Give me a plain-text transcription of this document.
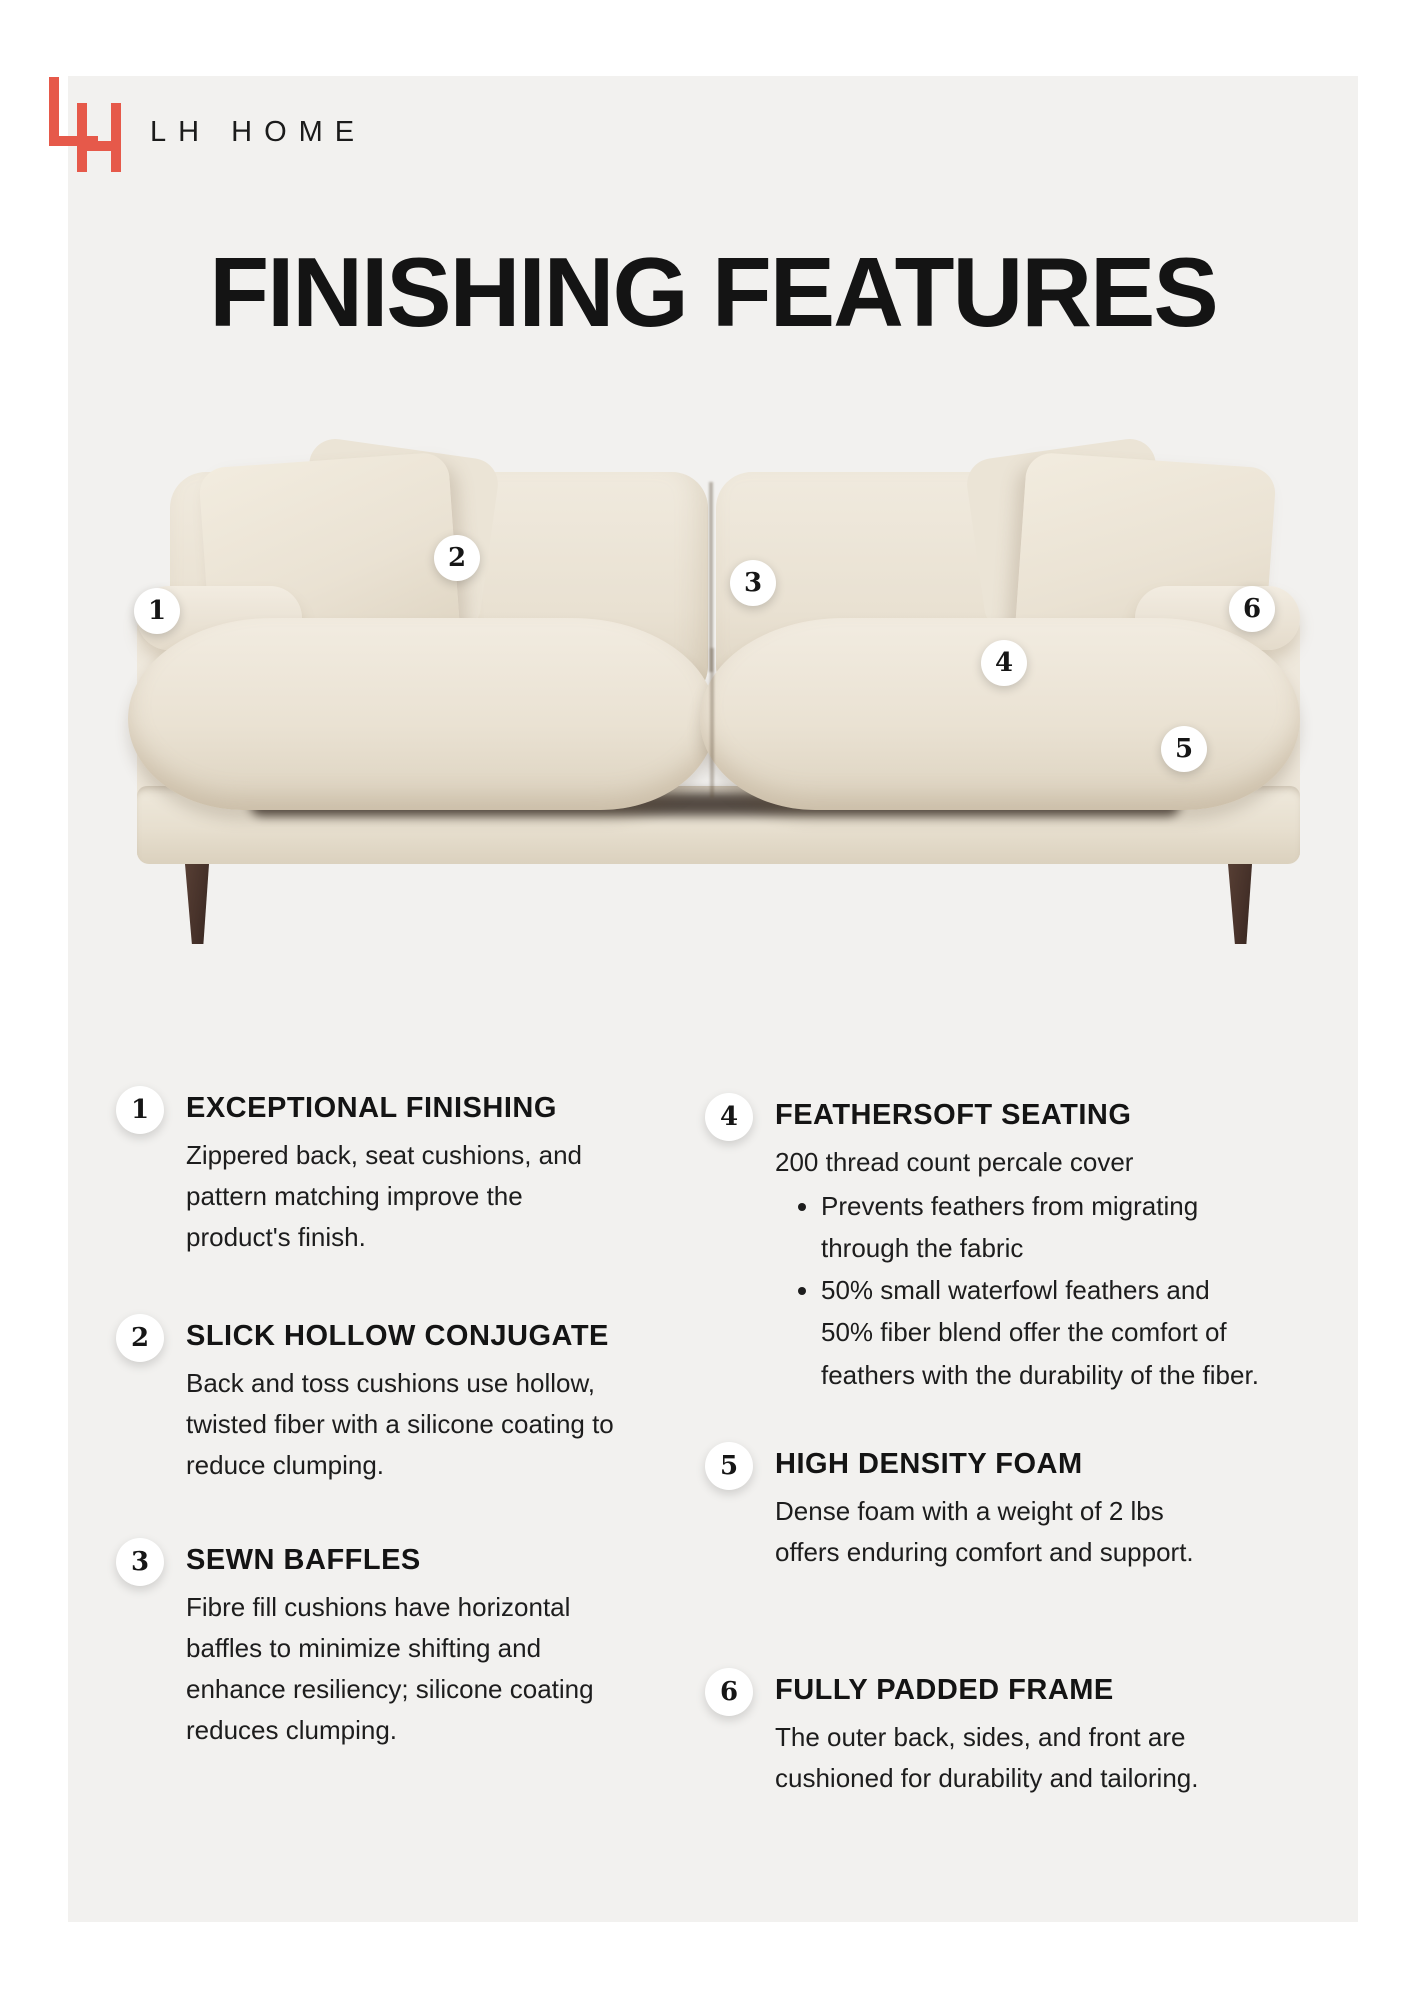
LH HOME
FINISHING FEATURES
1
2
3
4
5
6
1	EXCEPTIONAL FINISHING

Zippered back, seat cushions, and pattern matching improve the product's finish.

2	SLICK HOLLOW CONJUGATE

Back and toss cushions use hollow, twisted fiber with a silicone coating to reduce clumping.

3	SEWN BAFFLES

Fibre fill cushions have horizontal baffles to minimize shifting and enhance resiliency; silicone coating reduces clumping.

4	FEATHERSOFT SEATING

200 thread count percale cover

• Prevents feathers from migrating through the fabric
• 50% small waterfowl feathers and 50% fiber blend offer the comfort of feathers with the durability of the fiber.
5	HIGH DENSITY FOAM

Dense foam with a weight of 2 lbs offers enduring comfort and support.

6	FULLY PADDED FRAME

The outer back, sides, and front are cushioned for durability and tailoring.
